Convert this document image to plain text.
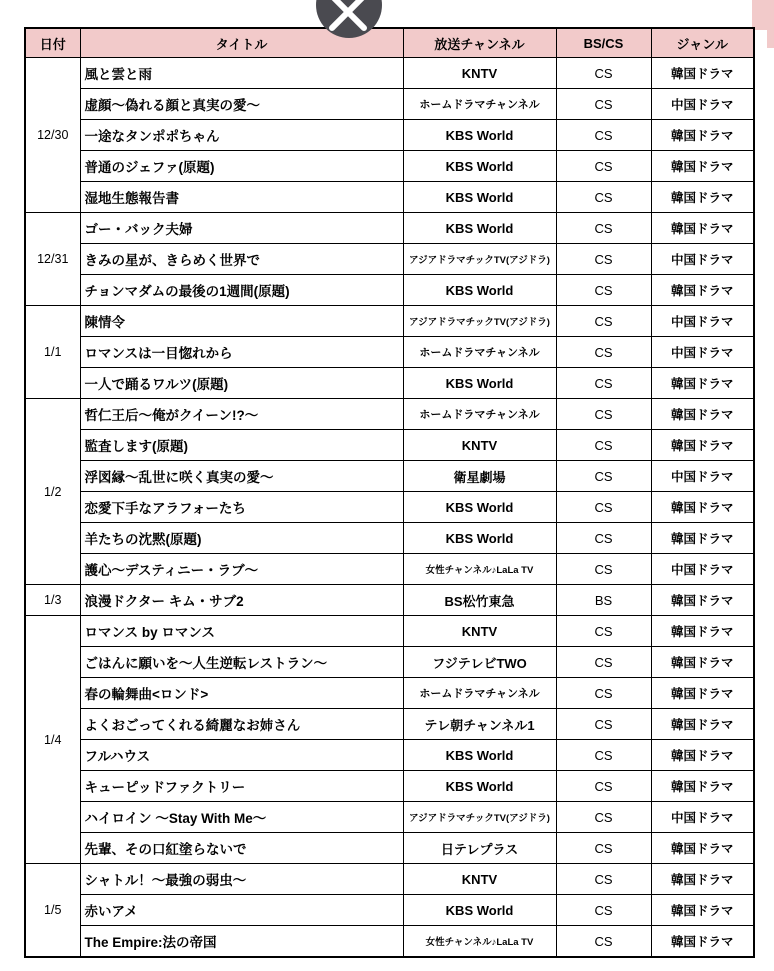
日付	タイトル	放送チャンネル	BS/CS	ジャンル
12/30	風と雲と雨	KNTV	CS	韓国ドラマ
	虚顔～偽れる顔と真実の愛～	ホームドラマチャンネル	CS	中国ドラマ
	一途なタンポポちゃん	KBS World	CS	韓国ドラマ
	普通のジェファ(原題)	KBS World	CS	韓国ドラマ
	湿地生態報告書	KBS World	CS	韓国ドラマ
12/31	ゴー・バック夫婦	KBS World	CS	韓国ドラマ
	きみの星が、きらめく世界で	アジアドラマチックTV(アジドラ)	CS	中国ドラマ
	チョンマダムの最後の1週間(原題)	KBS World	CS	韓国ドラマ
1/1	陳情令	アジアドラマチックTV(アジドラ)	CS	中国ドラマ
	ロマンスは一目惚れから	ホームドラマチャンネル	CS	中国ドラマ
	一人で踊るワルツ(原題)	KBS World	CS	韓国ドラマ
1/2	哲仁王后～俺がクイーン!?～	ホームドラマチャンネル	CS	韓国ドラマ
	監査します(原題)	KNTV	CS	韓国ドラマ
	浮図縁～乱世に咲く真実の愛～	衛星劇場	CS	中国ドラマ
	恋愛下手なアラフォーたち	KBS World	CS	韓国ドラマ
	羊たちの沈黙(原題)	KBS World	CS	韓国ドラマ
	護心～デスティニー・ラブ～	女性チャンネル♪LaLa TV	CS	中国ドラマ
1/3	浪漫ドクター キム・サブ2	BS松竹東急	BS	韓国ドラマ
1/4	ロマンス by ロマンス	KNTV	CS	韓国ドラマ
	ごはんに願いを～人生逆転レストラン～	フジテレビTWO	CS	韓国ドラマ
	春の輪舞曲<ロンド>	ホームドラマチャンネル	CS	韓国ドラマ
	よくおごってくれる綺麗なお姉さん	テレ朝チャンネル1	CS	韓国ドラマ
	フルハウス	KBS World	CS	韓国ドラマ
	キューピッドファクトリー	KBS World	CS	韓国ドラマ
	ハイロイン ～Stay With Me～	アジアドラマチックTV(アジドラ)	CS	中国ドラマ
	先輩、その口紅塗らないで	日テレプラス	CS	韓国ドラマ
1/5	シャトル！～最強の弱虫～	KNTV	CS	韓国ドラマ
	赤いアメ	KBS World	CS	韓国ドラマ
	The Empire:法の帝国	女性チャンネル♪LaLa TV	CS	韓国ドラマ
